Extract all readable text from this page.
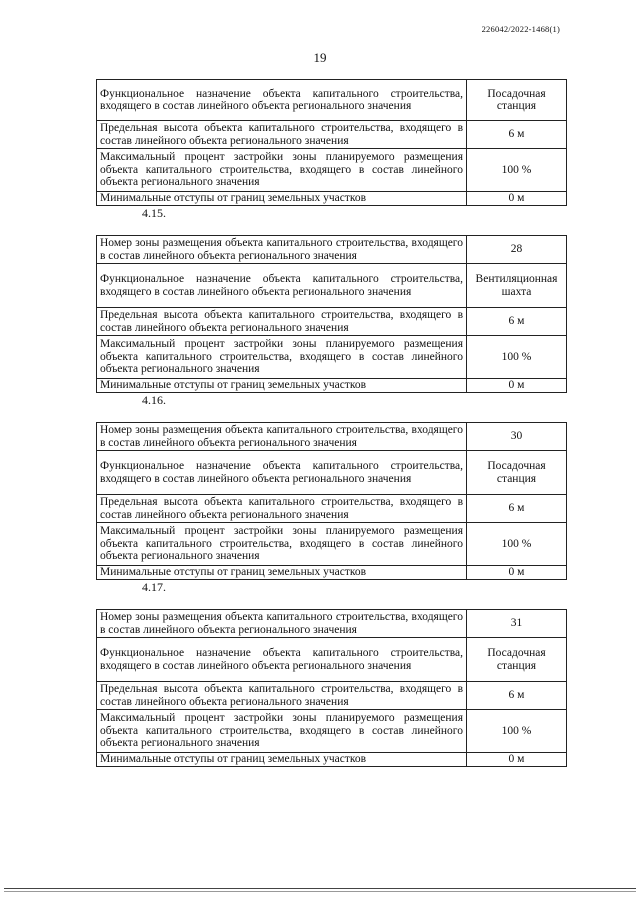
226042/2022-1468(1)
19
Функциональное назначение объекта капитального строительства, входящего в состав линейного объекта регионального значения	Посадочная станция
Предельная высота объекта капитального строительства, входящего в состав линейного объекта регионального значения	6 м
Максимальный процент застройки зоны планируемого размещения объекта капитального строительства, входящего в состав линейного объекта регионального значения	100 %
Минимальные отступы от границ земельных участков	0 м
4.15.
Номер зоны размещения объекта капитального строительства, входящего в состав линейного объекта регионального значения	28
Функциональное назначение объекта капитального строительства, входящего в состав линейного объекта регионального значения	Вентиляционная шахта
Предельная высота объекта капитального строительства, входящего в состав линейного объекта регионального значения	6 м
Максимальный процент застройки зоны планируемого размещения объекта капитального строительства, входящего в состав линейного объекта регионального значения	100 %
Минимальные отступы от границ земельных участков	0 м
4.16.
Номер зоны размещения объекта капитального строительства, входящего в состав линейного объекта регионального значения	30
Функциональное назначение объекта капитального строительства, входящего в состав линейного объекта регионального значения	Посадочная станция
Предельная высота объекта капитального строительства, входящего в состав линейного объекта регионального значения	6 м
Максимальный процент застройки зоны планируемого размещения объекта капитального строительства, входящего в состав линейного объекта регионального значения	100 %
Минимальные отступы от границ земельных участков	0 м
4.17.
Номер зоны размещения объекта капитального строительства, входящего в состав линейного объекта регионального значения	31
Функциональное назначение объекта капитального строительства, входящего в состав линейного объекта регионального значения	Посадочная станция
Предельная высота объекта капитального строительства, входящего в состав линейного объекта регионального значения	6 м
Максимальный процент застройки зоны планируемого размещения объекта капитального строительства, входящего в состав линейного объекта регионального значения	100 %
Минимальные отступы от границ земельных участков	0 м
